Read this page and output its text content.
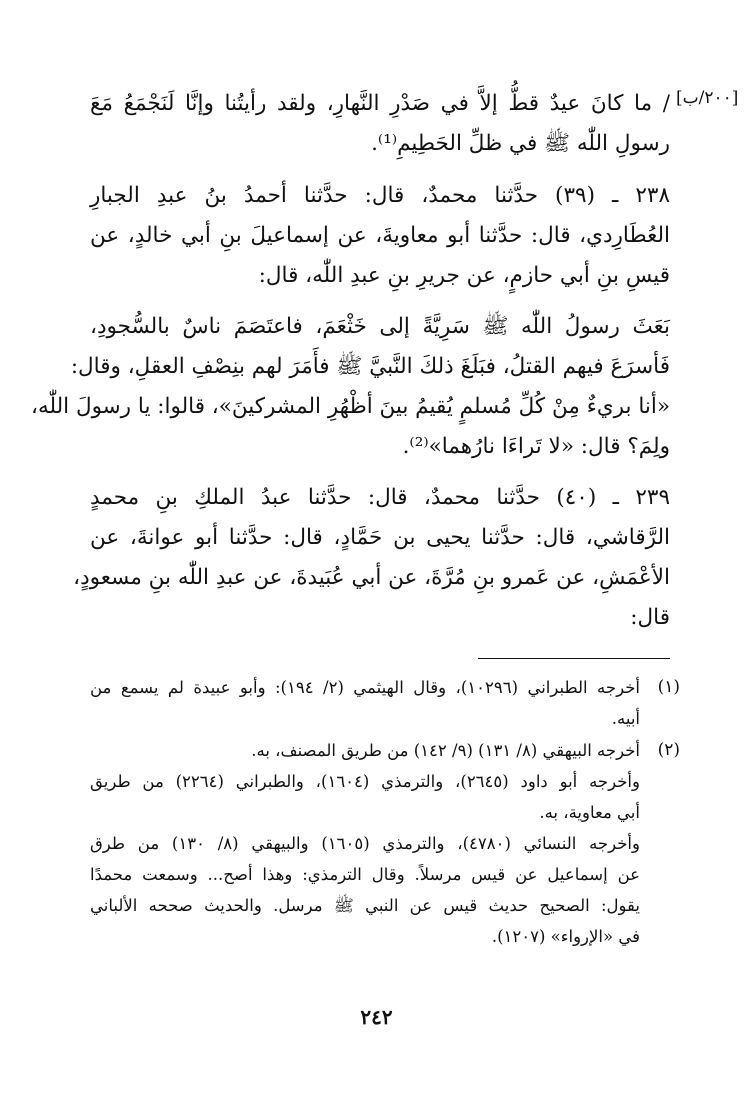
[٢٠٠/ب]
/ ما كانَ عيدٌ قطُّ إلاَّ في صَدْرِ النَّهارِ، ولقد رأيتُنا وإنَّا لَنَجْمَعُ مَعَ
رسولِ اللّٰه ﷺ في ظلِّ الحَطِيمِ⁽¹⁾.
٢٣٨ ـ (٣٩) حدَّثنا محمدٌ، قال: حدَّثنا أحمدُ بنُ عبدِ الجبارِ
العُطَارِدي، قال: حدَّثنا أبو معاويةَ، عن إسماعيلَ بنِ أبي خالدٍ، عن
قيسِ بنِ أبي حازمٍ، عن جريرِ بنِ عبدِ اللّٰه، قال:
بَعَثَ رسولُ اللّٰه ﷺ سَرِيَّةً إلى خَثْعَمَ، فاعتَصَمَ ناسٌ بالسُّجودِ،
فَأسرَعَ فيهم القتلُ، فبَلَغَ ذلكَ النَّبيَّ ﷺ فأَمَرَ لهم بنِصْفِ العقلِ، وقال:
«أنا بريءٌ مِنْ كُلِّ مُسلمٍ يُقيمُ بينَ أظْهُرِ المشركينَ»، قالوا: يا رسولَ اللّٰه،
ولِمَ؟ قال: «لا تَراءَا نارُهما»⁽²⁾.
٢٣٩ ـ (٤٠) حدَّثنا محمدٌ، قال: حدَّثنا عبدُ الملكِ بنِ محمدٍ
الرَّقاشي، قال: حدَّثنا يحيى بن حَمَّادٍ، قال: حدَّثنا أبو عوانةَ، عن
الأعْمَشِ، عن عَمرو بنِ مُرَّةَ، عن أبي عُبَيدةَ، عن عبدِ اللّٰه بنِ مسعودٍ،
قال:
(١)
أخرجه الطبراني (١٠٢٩٦)، وقال الهيثمي (٢/ ١٩٤): وأبو عبيدة لم يسمع من
أبيه.
(٢)
أخرجه البيهقي (٨/ ١٣١) (٩/ ١٤٢) من طريق المصنف، به.
وأخرجه أبو داود (٢٦٤٥)، والترمذي (١٦٠٤)، والطبراني (٢٢٦٤) من طريق
أبي معاوية، به.
وأخرجه النسائي (٤٧٨٠)، والترمذي (١٦٠٥) والبيهقي (٨/ ١٣٠) من طرق
عن إسماعيل عن قيس مرسلاً. وقال الترمذي: وهذا أصح... وسمعت محمدًا
يقول: الصحيح حديث قيس عن النبي ﷺ مرسل. والحديث صححه الألباني
في «الإرواء» (١٢٠٧).
٢٤٢
